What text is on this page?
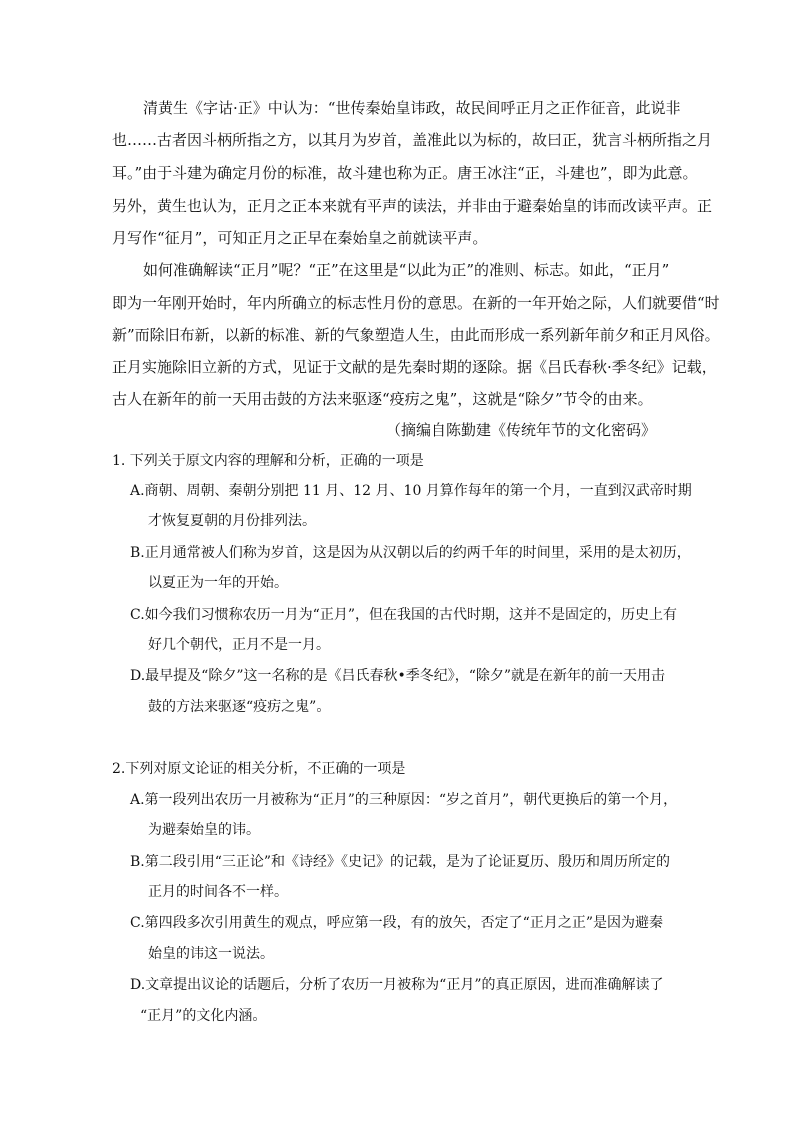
清黄生《字诂·正》中认为：“世传秦始皇讳政，故民间呼正月之正作征音，此说非
也……古者因斗柄所指之方，以其月为岁首，盖准此以为标的，故曰正，犹言斗柄所指之月
耳。”由于斗建为确定月份的标准，故斗建也称为正。唐王冰注“正，斗建也”，即为此意。
另外，黄生也认为，正月之正本来就有平声的读法，并非由于避秦始皇的讳而改读平声。正
月写作“征月”，可知正月之正早在秦始皇之前就读平声。
如何准确解读“正月”呢？“正”在这里是“以此为正”的准则、标志。如此，“正月”
即为一年刚开始时，年内所确立的标志性月份的意思。在新的一年开始之际，人们就要借“时
新”而除旧布新，以新的标准、新的气象塑造人生，由此而形成一系列新年前夕和正月风俗。
正月实施除旧立新的方式，见证于文献的是先秦时期的逐除。据《吕氏春秋·季冬纪》记载，
古人在新年的前一天用击鼓的方法来驱逐“疫疠之鬼”，这就是“除夕”节令的由来。
（摘编自陈勤建《传统年节的文化密码》
1. 下列关于原文内容的理解和分析，正确的一项是
A.商朝、周朝、秦朝分别把 11 月、12 月、10 月算作每年的第一个月，一直到汉武帝时期
才恢复夏朝的月份排列法。
B.正月通常被人们称为岁首，这是因为从汉朝以后的约两千年的时间里，采用的是太初历，
以夏正为一年的开始。
C.如今我们习惯称农历一月为“正月”，但在我国的古代时期，这并不是固定的，历史上有
好几个朝代，正月不是一月。
D.最早提及“除夕”这一名称的是《吕氏春秋•季冬纪》，“除夕”就是在新年的前一天用击
鼓的方法来驱逐“疫疠之鬼”。
2.下列对原文论证的相关分析，不正确的一项是
A.第一段列出农历一月被称为“正月”的三种原因：“岁之首月”，朝代更换后的第一个月，
为避秦始皇的讳。
B.第二段引用“三正论”和《诗经》《史记》的记载，是为了论证夏历、殷历和周历所定的
正月的时间各不一样。
C.第四段多次引用黄生的观点，呼应第一段，有的放矢，否定了“正月之正”是因为避秦
始皇的讳这一说法。
D.文章提出议论的话题后，分析了农历一月被称为“正月”的真正原因，进而准确解读了
“正月”的文化内涵。
